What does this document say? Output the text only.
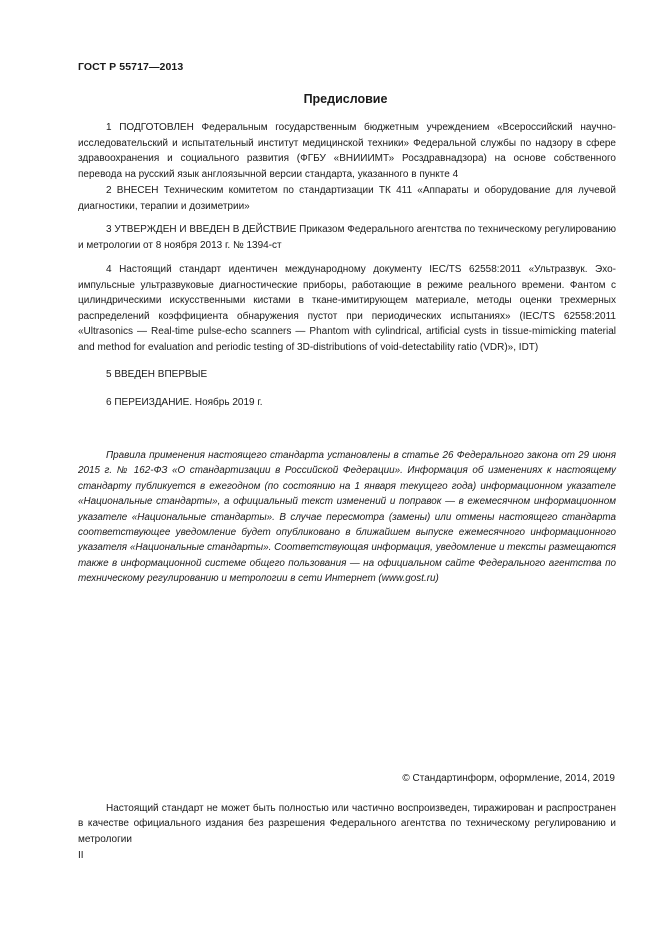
ГОСТ Р 55717—2013
Предисловие
1 ПОДГОТОВЛЕН Федеральным государственным бюджетным учреждением «Всероссийский научно-исследовательский и испытательный институт медицинской техники» Федеральной службы по надзору в сфере здравоохранения и социального развития (ФГБУ «ВНИИИМТ» Росздравнадзора) на основе собственного перевода на русский язык англоязычной версии стандарта, указанного в пункте 4
2 ВНЕСЕН Техническим комитетом по стандартизации ТК 411 «Аппараты и оборудование для лучевой диагностики, терапии и дозиметрии»
3 УТВЕРЖДЕН И ВВЕДЕН В ДЕЙСТВИЕ Приказом Федерального агентства по техническому регулированию и метрологии от 8 ноября 2013 г. № 1394-ст
4 Настоящий стандарт идентичен международному документу IEC/TS 62558:2011 «Ультразвук. Эхо-импульсные ультразвуковые диагностические приборы, работающие в режиме реального времени. Фантом с цилиндрическими искусственными кистами в ткане-имитирующем материале, методы оценки трехмерных распределений коэффициента обнаружения пустот при периодических испытаниях» (IEC/TS 62558:2011 «Ultrasonics — Real-time pulse-echo scanners — Phantom with cylindrical, artificial cysts in tissue-mimicking material and method for evaluation and periodic testing of 3D-distributions of void-detectability ratio (VDR)», IDT)
5 ВВЕДЕН ВПЕРВЫЕ
6 ПЕРЕИЗДАНИЕ. Ноябрь 2019 г.
Правила применения настоящего стандарта установлены в статье 26 Федерального закона от 29 июня 2015 г. № 162-ФЗ «О стандартизации в Российской Федерации». Информация об изменениях к настоящему стандарту публикуется в ежегодном (по состоянию на 1 января текущего года) информационном указателе «Национальные стандарты», а официальный текст изменений и поправок — в ежемесячном информационном указателе «Национальные стандарты». В случае пересмотра (замены) или отмены настоящего стандарта соответствующее уведомление будет опубликовано в ближайшем выпуске ежемесячного информационного указателя «Национальные стандарты». Соответствующая информация, уведомление и тексты размещаются также в информационной системе общего пользования — на официальном сайте Федерального агентства по техническому регулированию и метрологии в сети Интернет (www.gost.ru)
© Стандартинформ, оформление, 2014, 2019
Настоящий стандарт не может быть полностью или частично воспроизведен, тиражирован и распространен в качестве официального издания без разрешения Федерального агентства по техническому регулированию и метрологии
II
